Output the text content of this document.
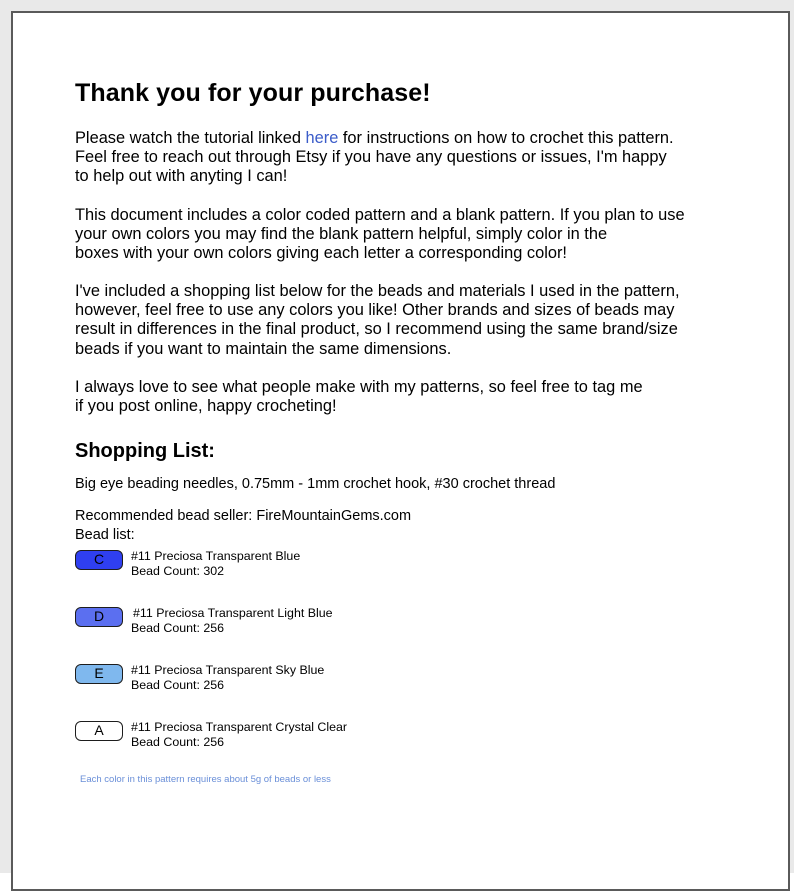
Thank you for your purchase!

Please watch the tutorial linked here for instructions on how to crochet this pattern.
Feel free to reach out through Etsy if you have any questions or issues, I'm happy
to help out with anyting I can!

This document includes a color coded pattern and a blank pattern. If you plan to use
your own colors you may find the blank pattern helpful, simply color in the
boxes with your own colors giving each letter a corresponding color!

I've included a shopping list below for the beads and materials I used in the pattern,
however, feel free to use any colors you like! Other brands and sizes of beads may
result in differences in the final product, so I recommend using the same brand/size
beads if you want to maintain the same dimensions.

I always love to see what people make with my patterns, so feel free to tag me
if you post online, happy crocheting!

Shopping List:

Big eye beading needles, 0.75mm - 1mm crochet hook, #30 crochet thread

Recommended bead seller: FireMountainGems.com

Bead list:

C	#11 Preciosa Transparent Blue
Bead Count: 302
D	#11 Preciosa Transparent Light Blue
Bead Count: 256
E	#11 Preciosa Transparent Sky Blue
Bead Count: 256
A	#11 Preciosa Transparent Crystal Clear
Bead Count: 256
Each color in this pattern requires about 5g of beads or less
